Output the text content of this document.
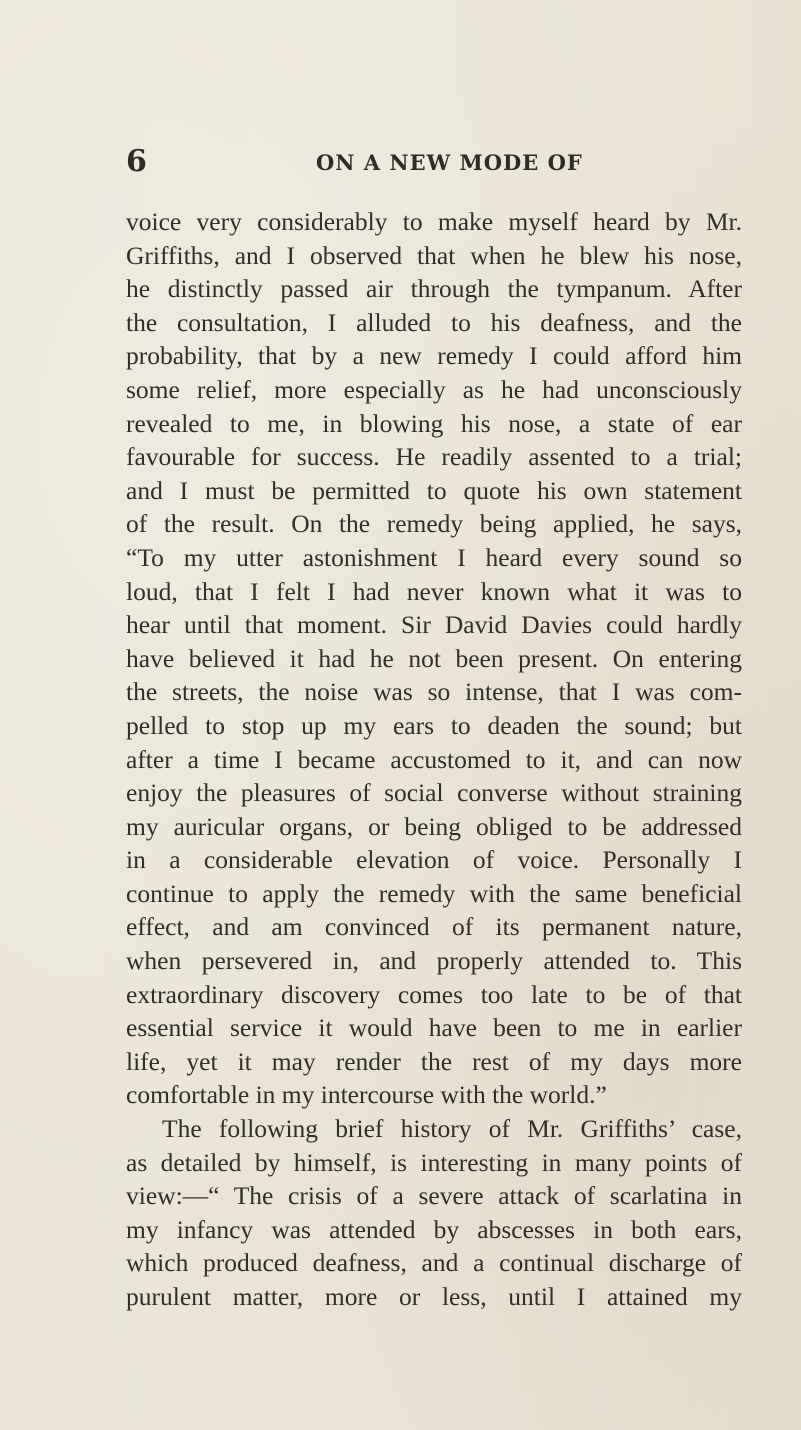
6	ON A NEW MODE OF
voice very considerably to make myself heard by Mr.
Griffiths, and I observed that when he blew his nose,
he distinctly passed air through the tympanum. After
the consultation, I alluded to his deafness, and the
probability, that by a new remedy I could afford him
some relief, more especially as he had unconsciously
revealed to me, in blowing his nose, a state of ear
favourable for success. He readily assented to a trial;
and I must be permitted to quote his own statement
of the result. On the remedy being applied, he says,
“To my utter astonishment I heard every sound so
loud, that I felt I had never known what it was to
hear until that moment. Sir David Davies could hardly
have believed it had he not been present. On entering
the streets, the noise was so intense, that I was com-
pelled to stop up my ears to deaden the sound; but
after a time I became accustomed to it, and can now
enjoy the pleasures of social converse without straining
my auricular organs, or being obliged to be addressed
in a considerable elevation of voice. Personally I
continue to apply the remedy with the same beneficial
effect, and am convinced of its permanent nature,
when persevered in, and properly attended to. This
extraordinary discovery comes too late to be of that
essential service it would have been to me in earlier
life, yet it may render the rest of my days more
comfortable in my intercourse with the world.”
The following brief history of Mr. Griffiths’ case,
as detailed by himself, is interesting in many points of
view:—“ The crisis of a severe attack of scarlatina in
my infancy was attended by abscesses in both ears,
which produced deafness, and a continual discharge of
purulent matter, more or less, until I attained my
